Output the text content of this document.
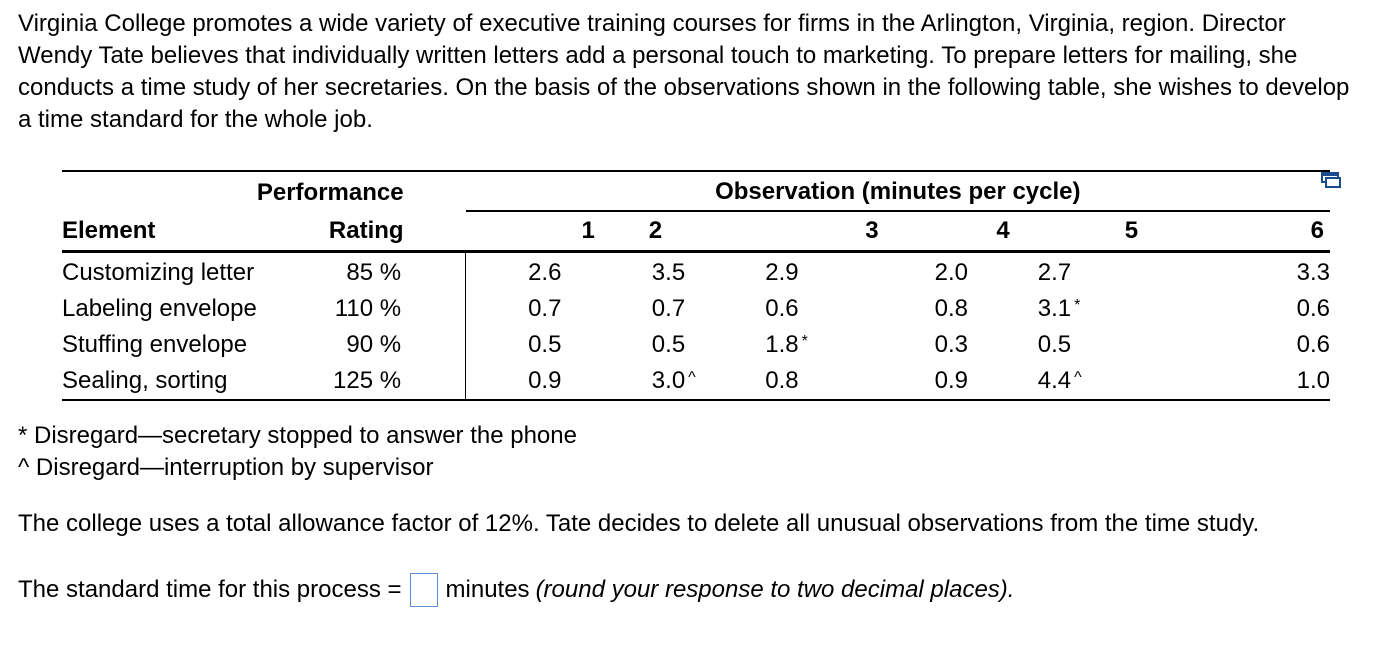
Virginia College promotes a wide variety of executive training courses for firms in the Arlington, Virginia, region. Director Wendy Tate believes that individually written letters add a personal touch to marketing. To prepare letters for mailing, she conducts a time study of her secretaries. On the basis of the observations shown in the following table, she wishes to develop a time standard for the whole job.

	Performance	Observation (minutes per cycle)					
Element	Rating	1	2	3	4	5	6
Customizing letter	85 %	2.6	3.5	2.9	2.0	2.7	3.3
Labeling envelope	110 %	0.7	0.7	0.6	0.8	3.1 *	0.6
Stuffing envelope	90 %	0.5	0.5	1.8 *	0.3	0.5	0.6
Sealing, sorting	125 %	0.9	3.0 ^	0.8	0.9	4.4 ^	1.0

* Disregard—secretary stopped to answer the phone

^ Disregard—interruption by supervisor

The college uses a total allowance factor of 12%. Tate decides to delete all unusual observations from the time study.

The standard time for this process = minutes (round your response to two decimal places).
